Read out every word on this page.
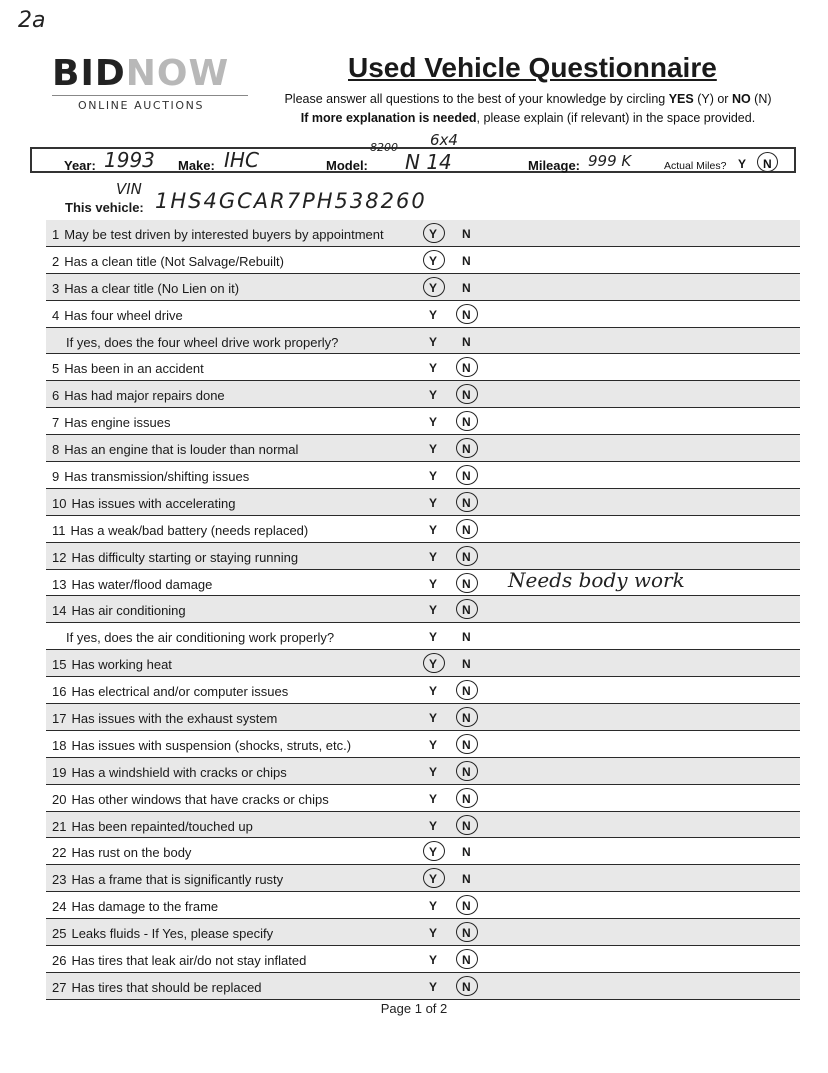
2a
BIDNOW
ONLINE AUCTIONS
Used Vehicle Questionnaire
Please answer all questions to the best of your knowledge by circling YES (Y) or NO (N)
If more explanation is needed, please explain (if relevant) in the space provided.
Year: 1993 Make: IHC	Model:
8200
N 14
6x4
Mileage: 999 K	Actual Miles? Y N
VIN
This vehicle: 1HS4GCAR7PH538260
1 May be test driven by interested buyers by appointment	Y N
2 Has a clean title (Not Salvage/Rebuilt)	Y N
3 Has a clear title (No Lien on it)	Y N
4 Has four wheel drive	Y N
If yes, does the four wheel drive work properly?	Y N
5 Has been in an accident	Y N
6 Has had major repairs done	Y N
7 Has engine issues	Y N
8 Has an engine that is louder than normal	Y N
9 Has transmission/shifting issues	Y N
10 Has issues with accelerating	Y N
11 Has a weak/bad battery (needs replaced)	Y N
12 Has difficulty starting or staying running	Y N
13 Has water/flood damage	Y N Needs body work
14 Has air conditioning	Y N
If yes, does the air conditioning work properly?	Y N
15 Has working heat	Y N
16 Has electrical and/or computer issues	Y N
17 Has issues with the exhaust system	Y N
18 Has issues with suspension (shocks, struts, etc.)	Y N
19 Has a windshield with cracks or chips	Y N
20 Has other windows that have cracks or chips	Y N
21 Has been repainted/touched up	Y N
22 Has rust on the body	Y N
23 Has a frame that is significantly rusty	Y N
24 Has damage to the frame	Y N
25 Leaks fluids - If Yes, please specify	Y N
26 Has tires that leak air/do not stay inflated	Y N
27 Has tires that should be replaced	Y N
Page 1 of 2
